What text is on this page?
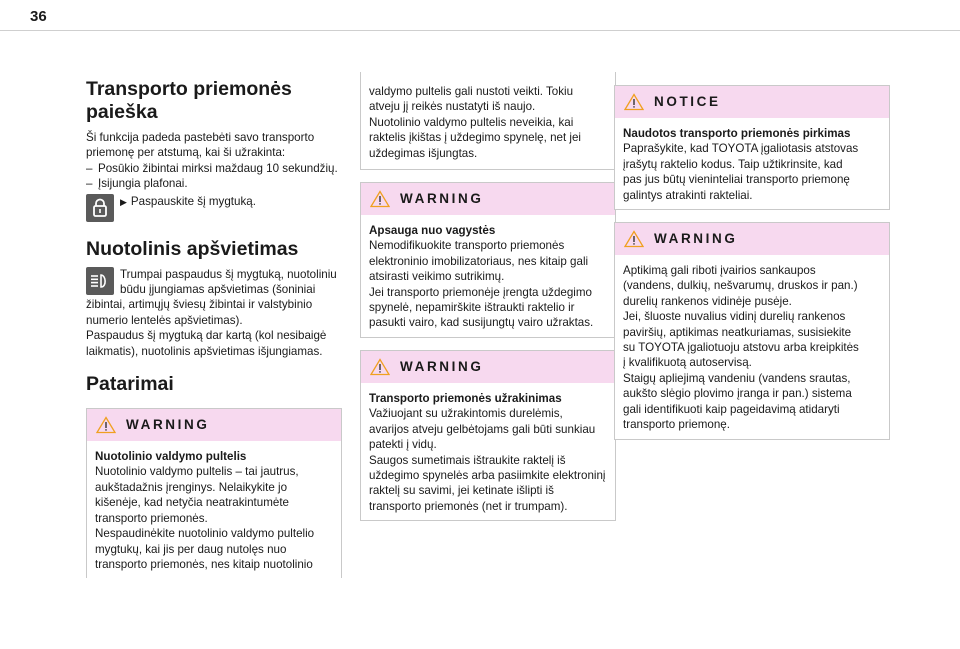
36
Transporto priemonės paieška

Ši funkcija padeda pastebėti savo transporto
priemonę per atstumą, kai ši užrakinta:

– Posūkio žibintai mirksi maždaug 10 sekundžių.
– Įsijungia plafonai.
▶ Paspauskite šį mygtuką.
Nuotolinis apšvietimas
Trumpai paspaudus šį mygtuką, nuotoliniu
būdu įjungiamas apšvietimas (šoniniai

žibintai, artimųjų šviesų žibintai ir valstybinio
numerio lentelės apšvietimas).
Paspaudus šį mygtuką dar kartą (kol nesibaigė
laikmatis), nuotolinis apšvietimas išjungiamas.

Patarimai
WARNING
Nuotolinio valdymo pultelis
Nuotolinio valdymo pultelis – tai jautrus,
aukštadažnis įrenginys. Nelaikykite jo
kišenėje, kad netyčia neatrakintumėte
transporto priemonės.
Nespaudinėkite nuotolinio valdymo pultelio
mygtukų, kai jis per daug nutolęs nuo
transporto priemonės, nes kitaip nuotolinio
valdymo pultelis gali nustoti veikti. Tokiu
atveju jį reikės nustatyti iš naujo.
Nuotolinio valdymo pultelis neveikia, kai
raktelis įkištas į uždegimo spynelę, net jei
uždegimas išjungtas.
WARNING
Apsauga nuo vagystės
Nemodifikuokite transporto priemonės
elektroninio imobilizatoriaus, nes kitaip gali
atsirasti veikimo sutrikimų.
Jei transporto priemonėje įrengta uždegimo
spynelė, nepamirškite ištraukti raktelio ir
pasukti vairo, kad susijungtų vairo užraktas.
WARNING
Transporto priemonės užrakinimas
Važiuojant su užrakintomis durelėmis,
avarijos atveju gelbėtojams gali būti sunkiau
patekti į vidų.
Saugos sumetimais ištraukite raktelį iš
uždegimo spynelės arba pasiimkite elektroninį
raktelį su savimi, jei ketinate išlipti iš
transporto priemonės (net ir trumpam).
NOTICE
Naudotos transporto priemonės pirkimas
Paprašykite, kad TOYOTA įgaliotasis atstovas
įrašytų raktelio kodus. Taip užtikrinsite, kad
pas jus būtų vieninteliai transporto priemonę
galintys atrakinti rakteliai.
WARNING
Aptikimą gali riboti įvairios sankaupos
(vandens, dulkių, nešvarumų, druskos ir pan.)
durelių rankenos vidinėje pusėje.
Jei, šluoste nuvalius vidinį durelių rankenos
paviršių, aptikimas neatkuriamas, susisiekite
su TOYOTA įgaliotuoju atstovu arba kreipkitės
į kvalifikuotą autoservisą.
Staigų apliejimą vandeniu (vandens srautas,
aukšto slėgio plovimo įranga ir pan.) sistema
gali identifikuoti kaip pageidavimą atidaryti
transporto priemonę.
